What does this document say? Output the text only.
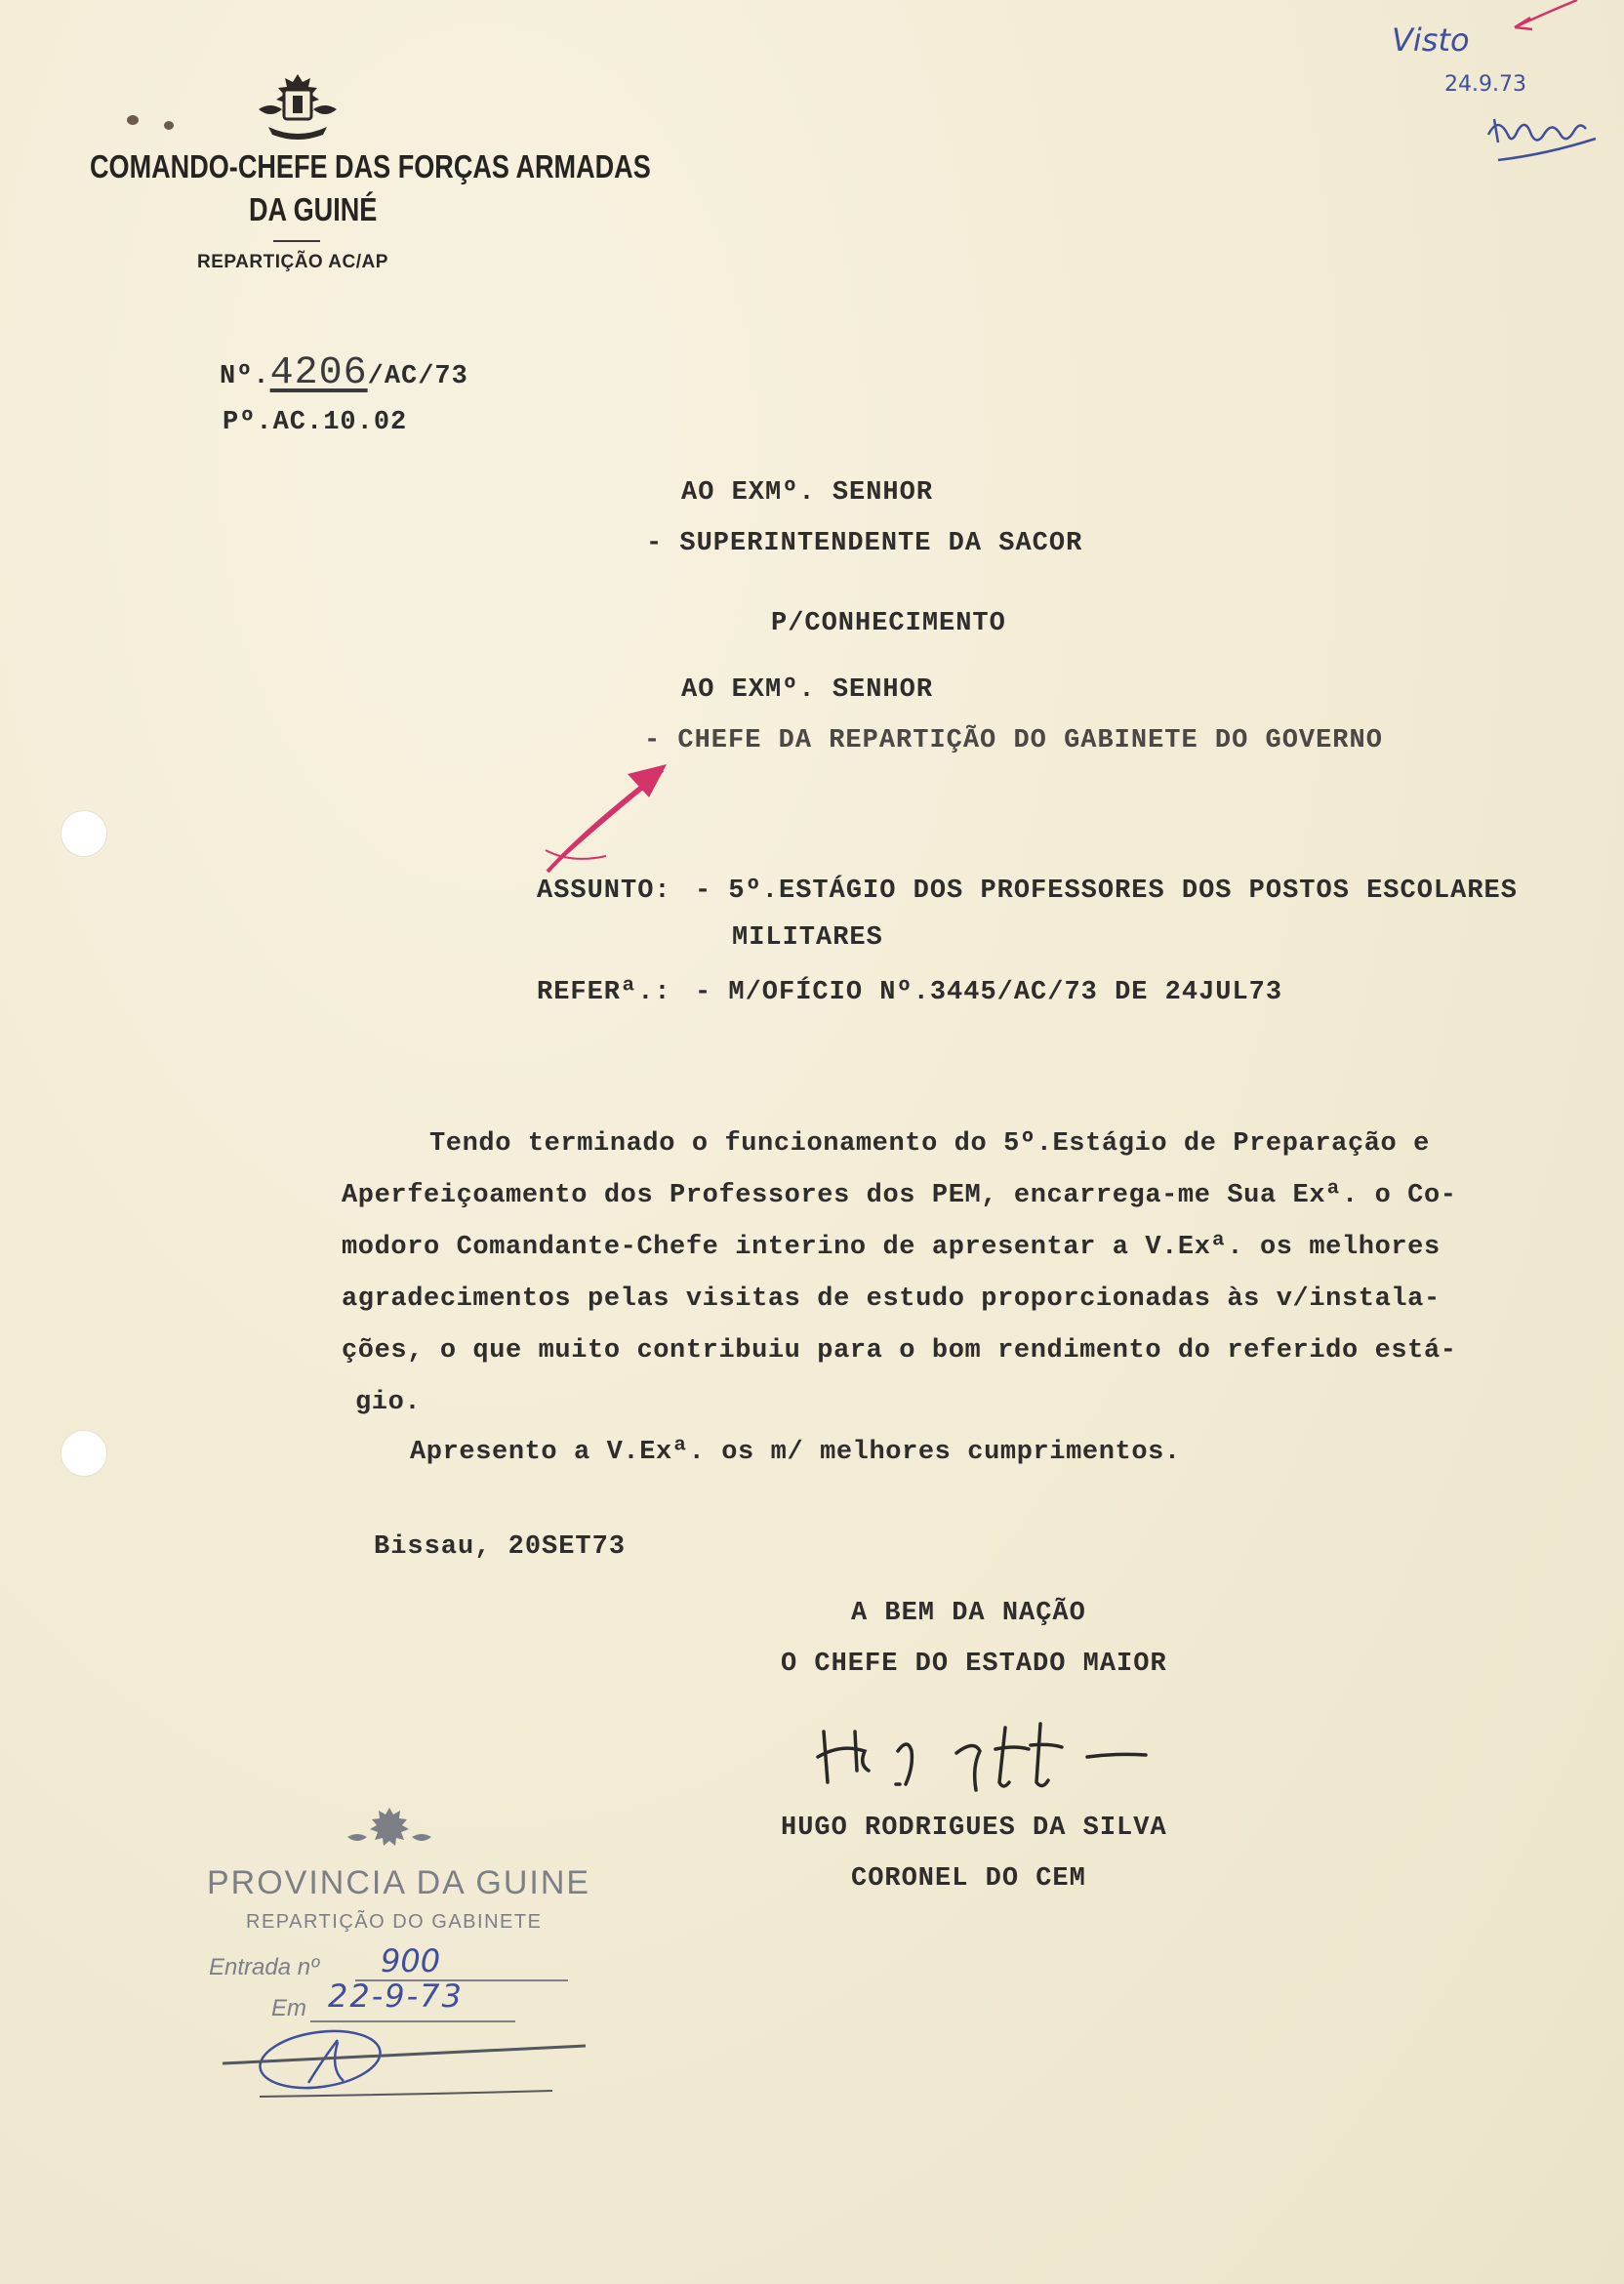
COMANDO-CHEFE DAS FORÇAS ARMADAS
DA GUINÉ
REPARTIÇÃO AC/AP
Nº.4206/AC/73
Pº.AC.10.02
Visto
24.9.73
AO EXMº. SENHOR
- SUPERINTENDENTE DA SACOR
P/CONHECIMENTO
AO EXMº. SENHOR
- CHEFE DA REPARTIÇÃO DO GABINETE DO GOVERNO
ASSUNTO: - 5º.ESTÁGIO DOS PROFESSORES DOS POSTOS ESCOLARES
MILITARES
REFERª.: - M/OFÍCIO Nº.3445/AC/73 DE 24JUL73
Tendo terminado o funcionamento do 5º.Estágio de Preparação e
Aperfeiçoamento dos Professores dos PEM, encarrega-me Sua Exª. o Co-
modoro Comandante-Chefe interino de apresentar a V.Exª. os melhores
agradecimentos pelas visitas de estudo proporcionadas às v/instala-
ções, o que muito contribuiu para o bom rendimento do referido está-
gio.
Apresento a V.Exª. os m/ melhores cumprimentos.
Bissau, 20SET73
A BEM DA NAÇÃO
O CHEFE DO ESTADO MAIOR
HUGO RODRIGUES DA SILVA
CORONEL DO CEM
PROVINCIA DA GUINE
REPARTIÇÃO DO GABINETE
Entrada nº 900
Em 22-9-73
